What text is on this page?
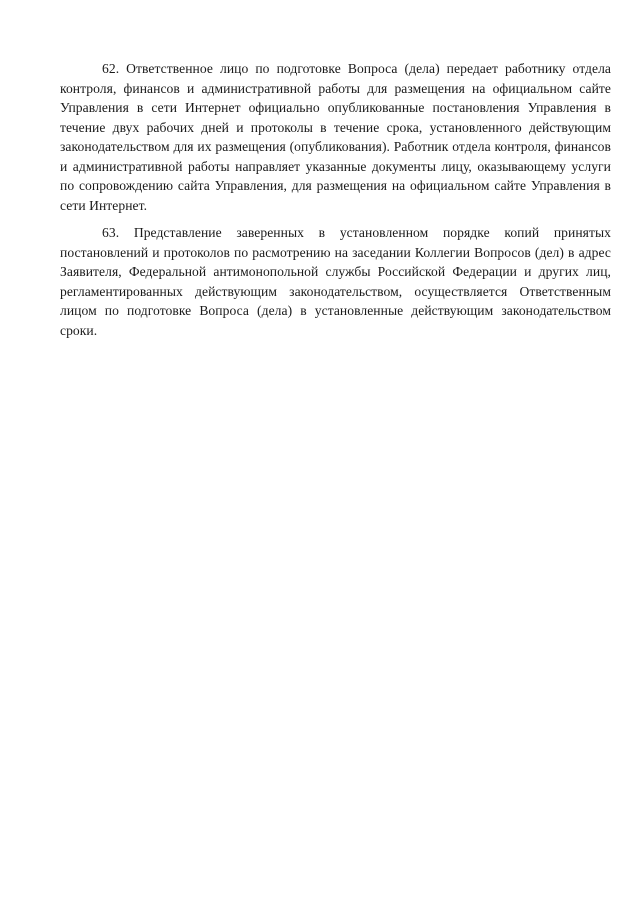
62. Ответственное лицо по подготовке Вопроса (дела) передает работнику отдела контроля, финансов и административной работы для размещения на официальном сайте Управления в сети Интернет официально опубликованные постановления Управления в течение двух рабочих дней и протоколы в течение срока, установленного действующим законодательством для их размещения (опубликования). Работник отдела контроля, финансов и административной работы направляет указанные документы лицу, оказывающему услуги по сопровождению сайта Управления, для размещения на официальном сайте Управления в сети Интернет.

63. Представление заверенных в установленном порядке копий принятых постановлений и протоколов по расмотрению на заседании Коллегии Вопросов (дел) в адрес Заявителя, Федеральной антимонопольной службы Российской Федерации и других лиц, регламентированных действующим законодательством, осуществляется Ответственным лицом по подготовке Вопроса (дела) в установленные действующим законодательством сроки.
